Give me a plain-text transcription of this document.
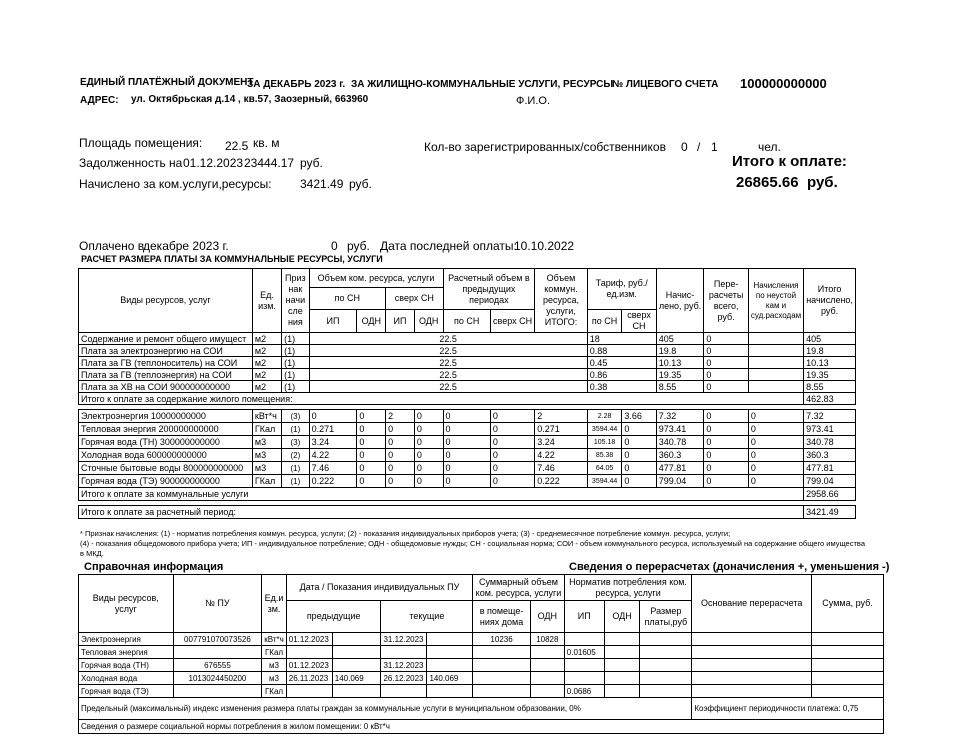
ЕДИНЫЙ ПЛАТЁЖНЫЙ ДОКУМЕНТ
ЗА ДЕКАБРЬ 2023 г. ЗА ЖИЛИЩНО-КОММУНАЛЬНЫЕ УСЛУГИ, РЕСУРСЫ
№ ЛИЦЕВОГО СЧЕТА 100000000000
АДРЕС: ул. Октябрьская д.14 , кв.57, Заозерный, 663960	Ф.И.О.
Площадь помещения: 22.5 кв. м	Кол-во зарегистрированных/собственников 0 / 1	чел.
Задолженность на 01.12.2023 23444.17 руб.	Итого к оплате:
Начислено за ком.услуги,ресурсы: 3421.49 руб.	26865.66 руб.
Оплачено в
декабре 2023 г.	0 руб. Дата последней оплаты:
10.10.2022
РАСЧЕТ РАЗМЕРА ПЛАТЫ ЗА КОММУНАЛЬНЫЕ РЕСУРСЫ, УСЛУГИ
Виды ресурсов, услуг	Ед. изм.	Приз нак начи сле ния	Объем ком. ресурса, услуги				Расчетный объем в предыдущих периодах		Объем коммун. ресурса, услуги, ИТОГО:	Тариф, руб./ед.изм.		Начис-лено, руб.	Пере-расчеты всего, руб.	Начисления по неустой кам и суд.расходам	Итого начислено, руб.
			по СН		сверх СН										
			ИП	ОДН	ИП	ОДН	по СН	сверх СН		по СН	сверх СН				
Содержание и ремонт общего имущест	м2	(1)	22.5							18		405	0		405
Плата за электроэнергию на СОИ	м2	(1)	22.5							0.88		19.8	0		19.8
Плата за ГВ (теплоноситель) на СОИ	м2	(1)	22.5							0.45		10.13	0		10.13
Плата за ГВ (теплоэнергия) на СОИ	м2	(1)	22.5							0.86		19.35	0		19.35
Плата за ХВ на СОИ 900000000000	м2	(1)	22.5							0.38		8.55	0		8.55
Итого к оплате за содержание жилого помещения:															462.83

Электроэнергия 10000000000	кВт*ч	(3)	0	0	2	0	0	0	2	2.28	3.66	7.32	0	0	7.32
Тепловая энергия 200000000000	ГКал	(1)	0.271	0	0	0	0	0	0.271	3594.44	0	973.41	0	0	973.41
Горячая вода (ТН) 300000000000	м3	(3)	3.24	0	0	0	0	0	3.24	105.18	0	340.78	0	0	340.78
Холодная вода 600000000000	м3	(2)	4.22	0	0	0	0	0	4.22	85.38	0	360.3	0	0	360.3
Сточные бытовые воды 800000000000	м3	(1)	7.46	0	0	0	0	0	7.46	64.05	0	477.81	0	0	477.81
Горячая вода (ТЭ) 900000000000	ГКал	(1)	0.222	0	0	0	0	0	0.222	3594.44	0	799.04	0	0	799.04
Итого к оплате за коммунальные услуги															2958.66

Итого к оплате за расчетный период:															3421.49
* Признак начисления: (1) - норматив потребления коммун. ресурса, услуги; (2) - показания индивидуальных приборов учета; (3) - среднемесячное потребление коммун. ресурса, услуги;
(4) - показания общедомового прибора учета; ИП - индивидуальное потребление; ОДН - общедомовые нужды; СН - социальная норма; СОИ - объем коммунального ресурса, используемый на содержание общего имущества
в МКД.
Справочная информация	Сведения о перерасчетах (доначисления +, уменьшения -)
Виды ресурсов, услуг	№ ПУ	Ед.и зм.	Дата / Показания индивидуальных ПУ				Суммарный объем ком. ресурса, услуги		Норматив потребления ком. ресурса, услуги			Основание перерасчета	Сумма, руб.
			предыдущие		текущие		в помеще-ниях дома	ОДН	ИП	ОДН	Размер платы,руб		
Электроэнергия	007791070073526	кВт*ч	01.12.2023		31.12.2023		10236	10828					
Тепловая энергия		ГКал							0.01605				
Горячая вода (ТН)	676555	м3	01.12.2023		31.12.2023								
Холодная вода	1013024450200	м3	26.11.2023	140.069	26.12.2023	140.069							
Горячая вода (ТЭ)		ГКал							0.0686				
Предельный (максимальный) индекс изменения размера платы граждан за коммунальные услуги в муниципальном образовании, 0%												Коэффициент периодичности платежа: 0,75	
Сведения о размере социальной нормы потребления в жилом помещении: 0 кВт*ч													
